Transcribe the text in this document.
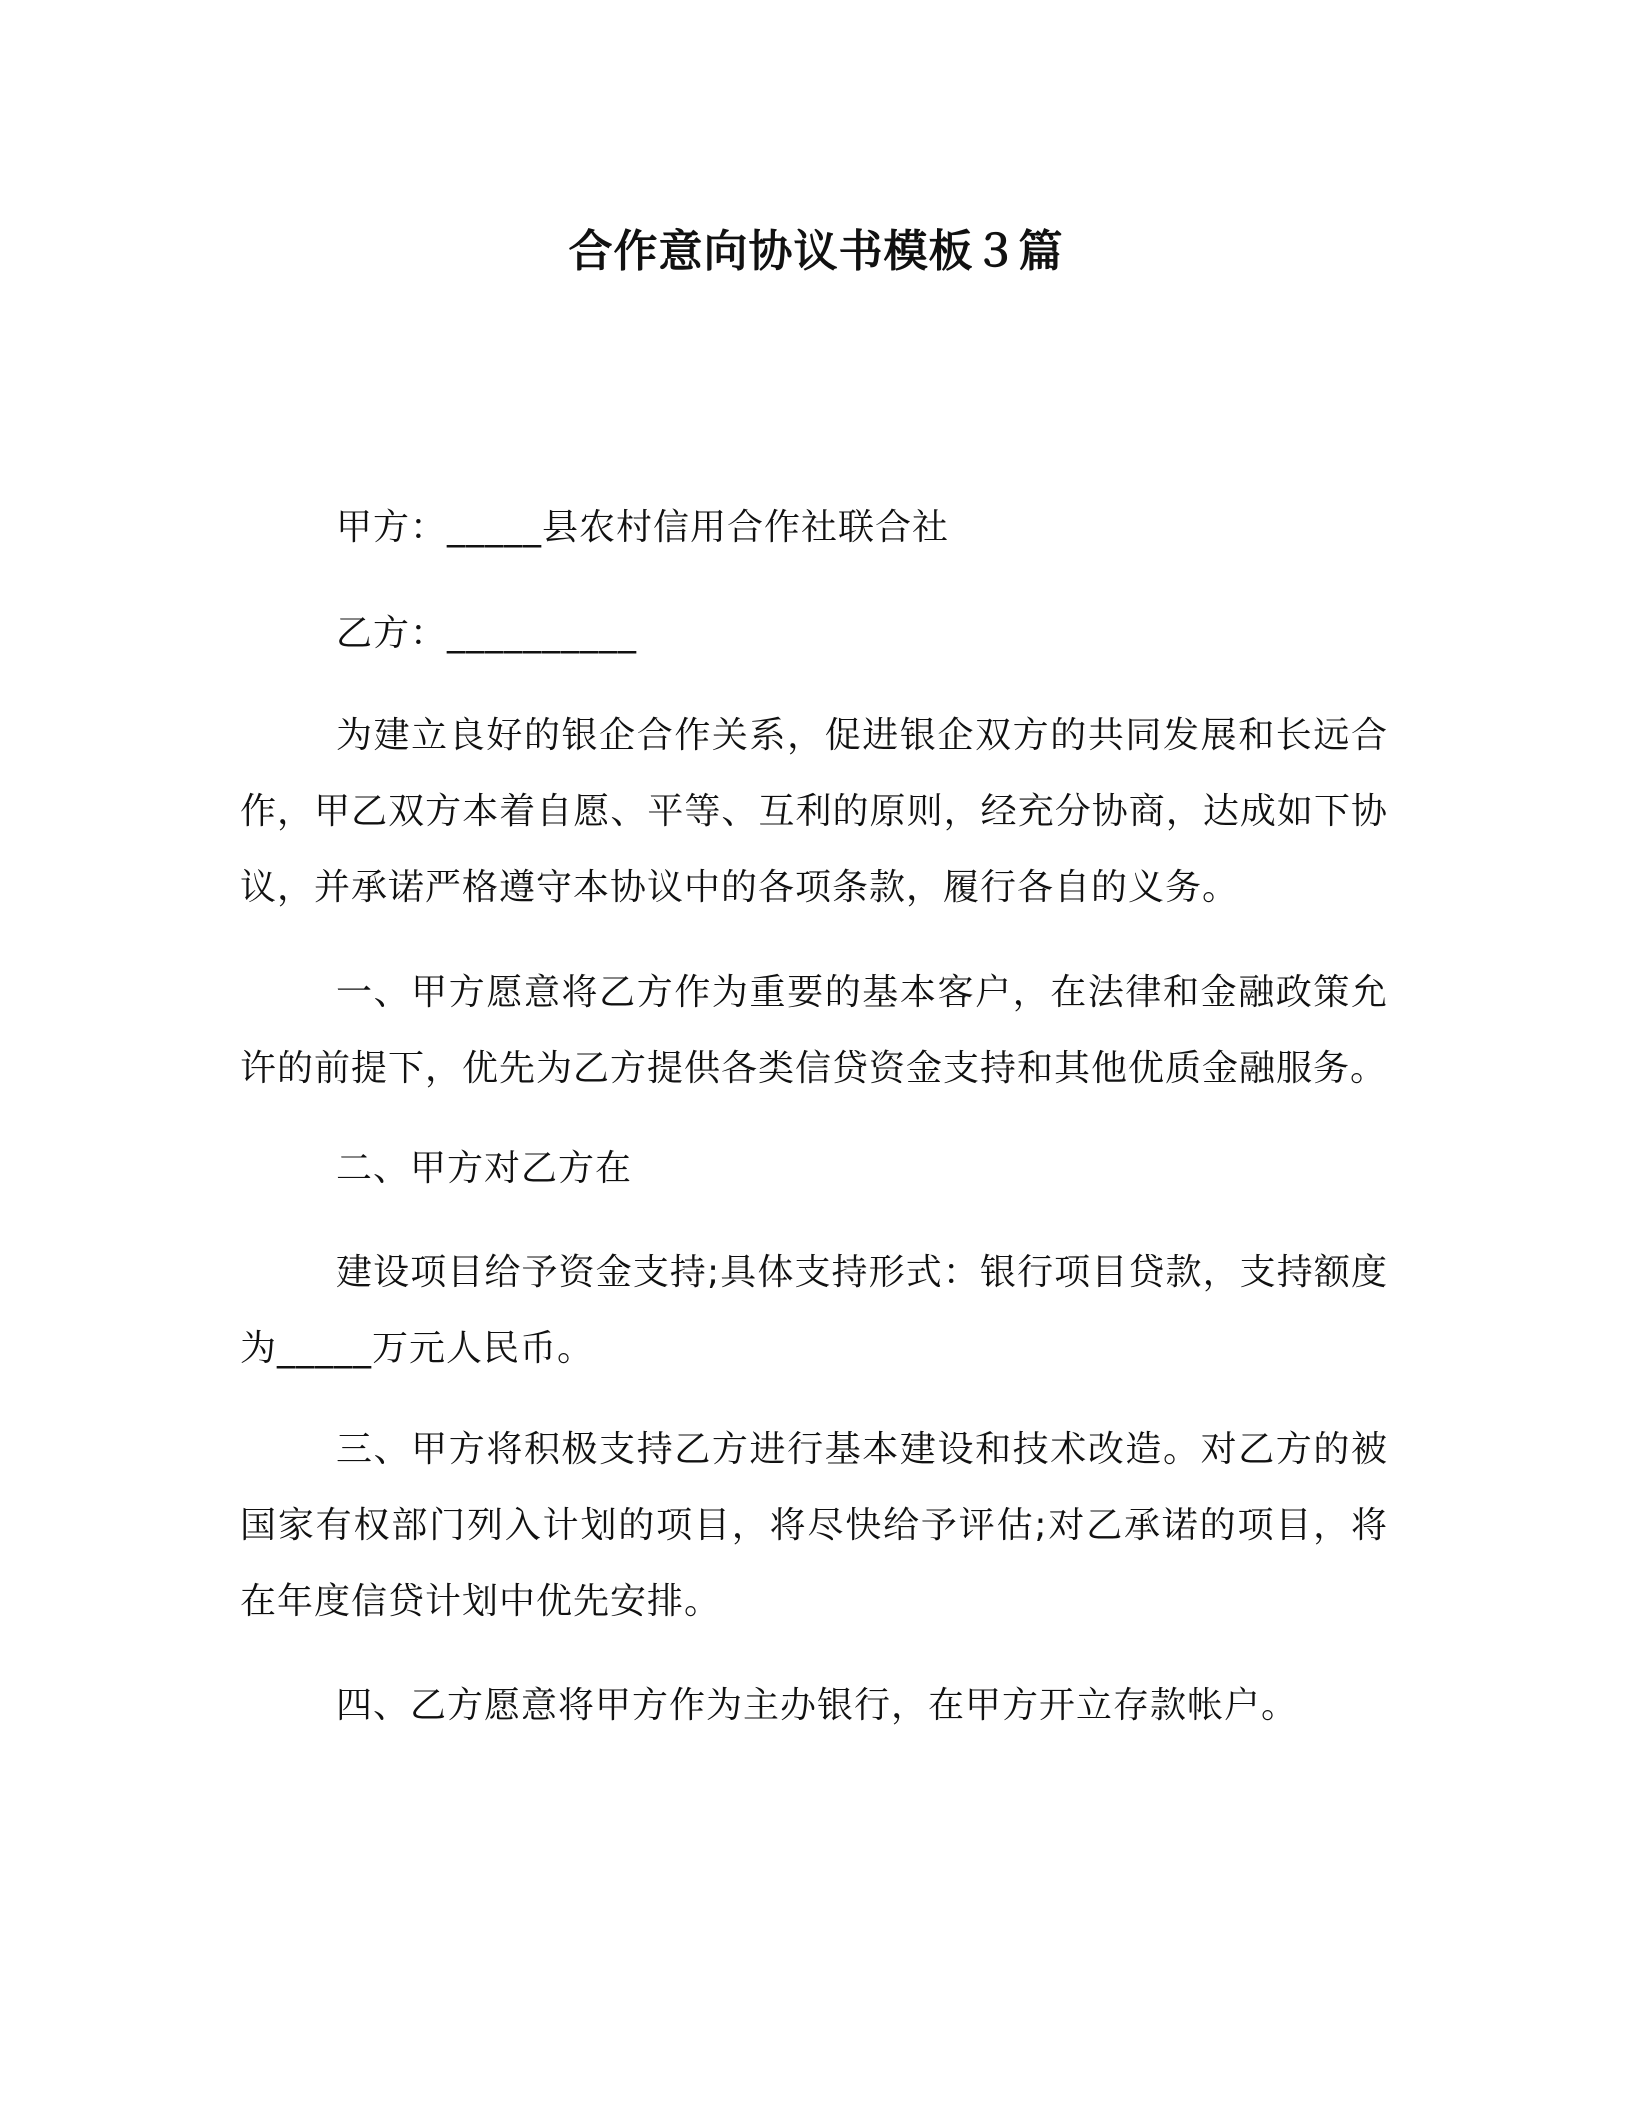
合作意向协议书模板３篇

甲方：_____县农村信用合作社联合社

乙方：__________

为建立良好的银企合作关系，促进银企双方的共同发展和长远合作，甲乙双方本着自愿、平等、互利的原则，经充分协商，达成如下协议，并承诺严格遵守本协议中的各项条款，履行各自的义务。

一、甲方愿意将乙方作为重要的基本客户，在法律和金融政策允许的前提下，优先为乙方提供各类信贷资金支持和其他优质金融服务。

二、甲方对乙方在

建设项目给予资金支持;具体支持形式：银行项目贷款，支持额度为_____万元人民币。

三、甲方将积极支持乙方进行基本建设和技术改造。对乙方的被国家有权部门列入计划的项目，将尽快给予评估;对乙承诺的项目，将在年度信贷计划中优先安排。

四、乙方愿意将甲方作为主办银行，在甲方开立存款帐户。
